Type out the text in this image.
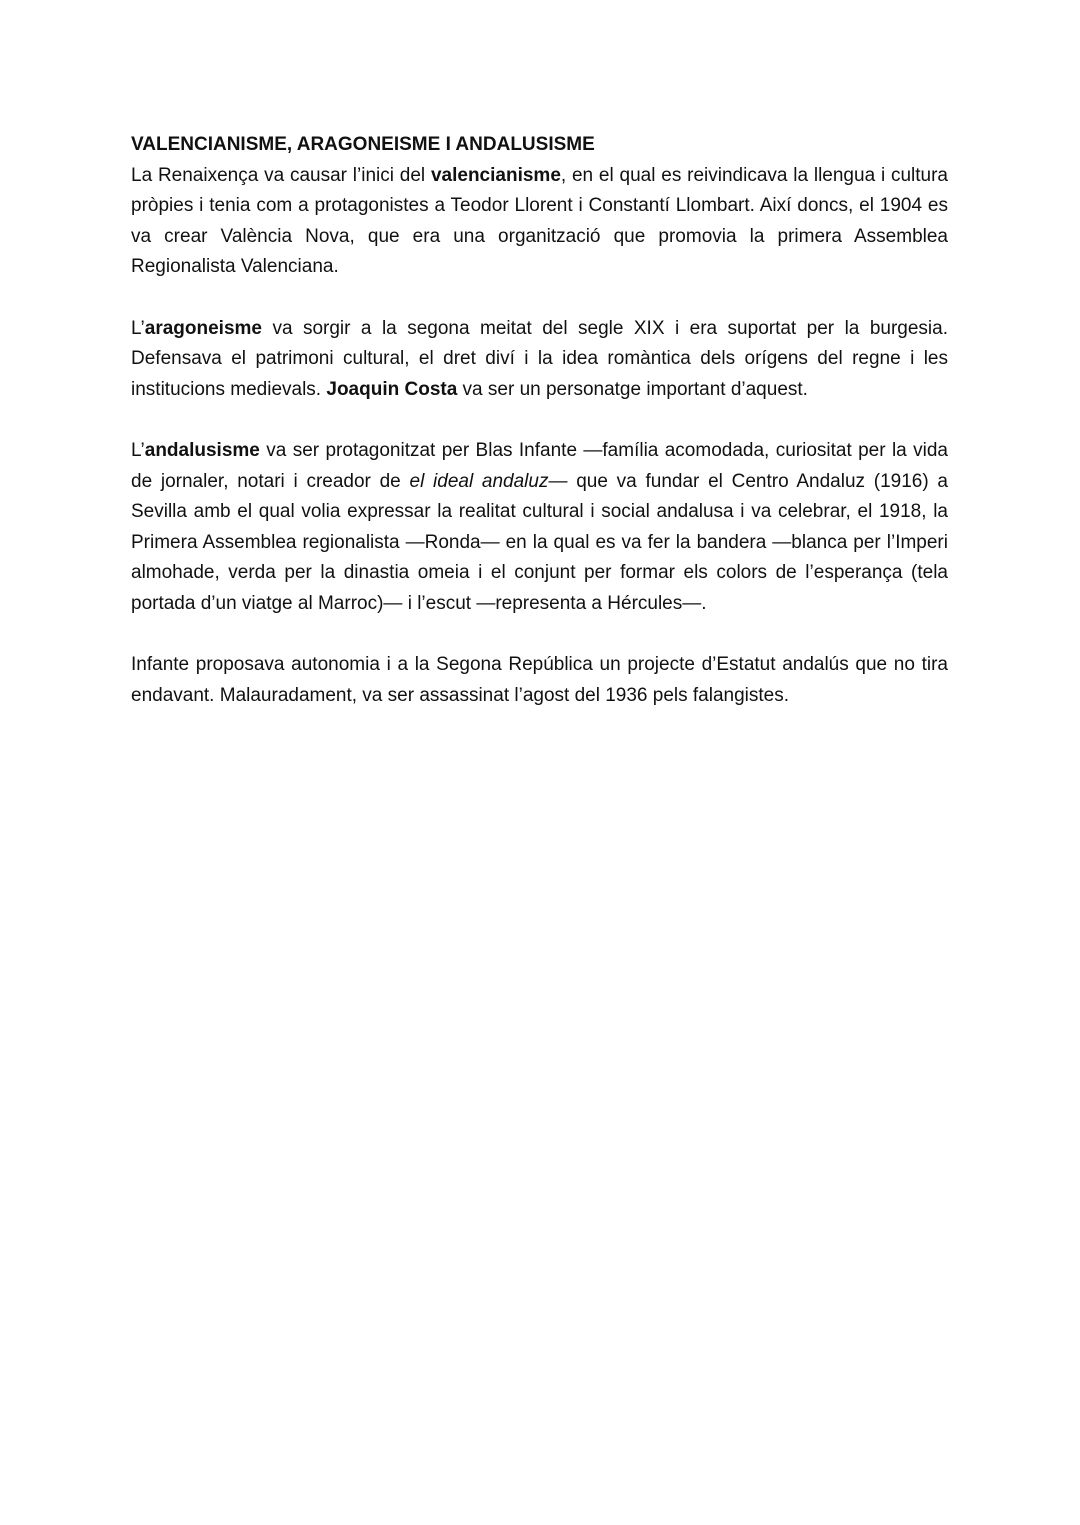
VALENCIANISME, ARAGONEISME I ANDALUSISME

La Renaixença va causar l’inici del valencianisme, en el qual es reivindicava la llengua i cultura pròpies i tenia com a protagonistes a Teodor Llorent i Constantí Llombart. Així doncs, el 1904 es va crear València Nova, que era una organització que promovia la primera Assemblea Regionalista Valenciana.

L’aragoneisme va sorgir a la segona meitat del segle XIX i era suportat per la burgesia. Defensava el patrimoni cultural, el dret diví i la idea romàntica dels orígens del regne i les institucions medievals. Joaquin Costa va ser un personatge important d’aquest.

L’andalusisme va ser protagonitzat per Blas Infante —família acomodada, curiositat per la vida de jornaler, notari i creador de el ideal andaluz— que va fundar el Centro Andaluz (1916) a Sevilla amb el qual volia expressar la realitat cultural i social andalusa i va celebrar, el 1918, la Primera Assemblea regionalista —Ronda— en la qual es va fer la bandera —blanca per l’Imperi almohade, verda per la dinastia omeia i el conjunt per formar els colors de l’esperança (tela portada d’un viatge al Marroc)— i l’escut —representa a Hércules—.

Infante proposava autonomia i a la Segona República un projecte d’Estatut andalús que no tira endavant. Malauradament, va ser assassinat l’agost del 1936 pels falangistes.
